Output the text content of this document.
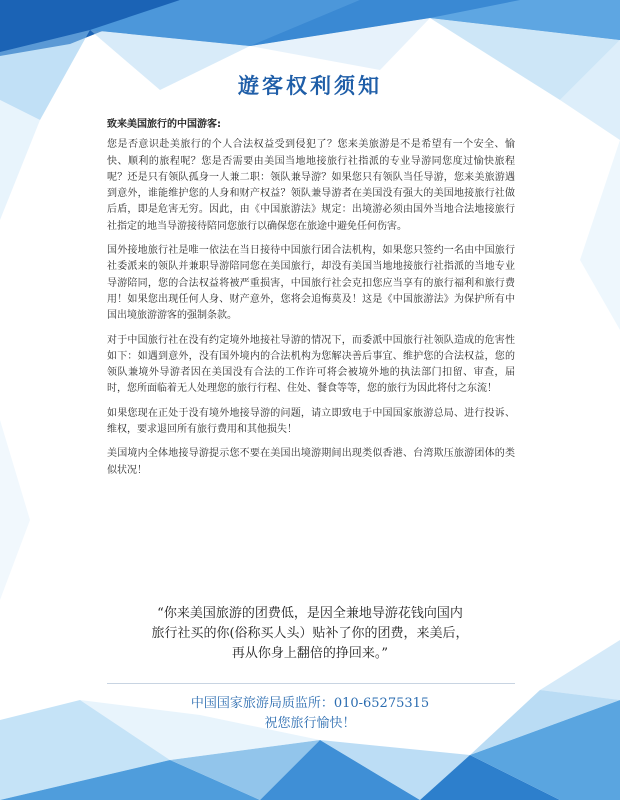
遊客权利须知

致来美国旅行的中国游客:

您是否意识赴美旅行的个人合法权益受到侵犯了？您来美旅游是不是希望有一个安全、愉快、顺利的旅程呢？您是否需要由美国当地地接旅行社指派的专业导游同您度过愉快旅程呢？还是只有领队孤身一人兼二职：领队兼导游？如果您只有领队当任导游，您来美旅游遇到意外，谁能维护您的人身和财产权益？领队兼导游者在美国没有强大的美国地接旅行社做后盾，即是危害无穷。因此，由《中国旅游法》规定：出境游必须由国外当地合法地接旅行社指定的地当导游接待陪同您旅行以确保您在旅途中避免任何伤害。

国外接地旅行社是唯一依法在当日接待中国旅行团合法机构，如果您只签约一名由中国旅行社委派来的领队并兼职导游陪同您在美国旅行，却没有美国当地地接旅行社指派的当地专业导游陪同，您的合法权益将被严重损害，中国旅行社会克扣您应当享有的旅行福利和旅行费用！如果您出现任何人身、财产意外，您将会追悔莫及！这是《中国旅游法》为保护所有中国出境旅游游客的强制条款。

对于中国旅行社在没有约定境外地接社导游的情况下，而委派中国旅行社领队造成的危害性如下：如遇到意外，没有国外境内的合法机构为您解决善后事宜、维护您的合法权益，您的领队兼境外导游者因在美国没有合法的工作许可将会被境外地的执法部门扣留、审查，届时，您所面临着无人处理您的旅行行程、住处、餐食等等，您的旅行为因此将付之东流！

如果您现在正处于没有境外地接导游的问题，请立即致电于中国国家旅游总局、进行投诉、维权，要求退回所有旅行费用和其他损失！

美国境内全体地接导游提示您不要在美国出境游期间出现类似香港、台湾欺压旅游团体的类似状况！

“你来美国旅游的团费低，是因全兼地导游花钱向国内
旅行社买的你(俗称买人头）贴补了你的团费，来美后，
再从你身上翻倍的挣回来。”
中国国家旅游局质监所：010-65275315
祝您旅行愉快！
